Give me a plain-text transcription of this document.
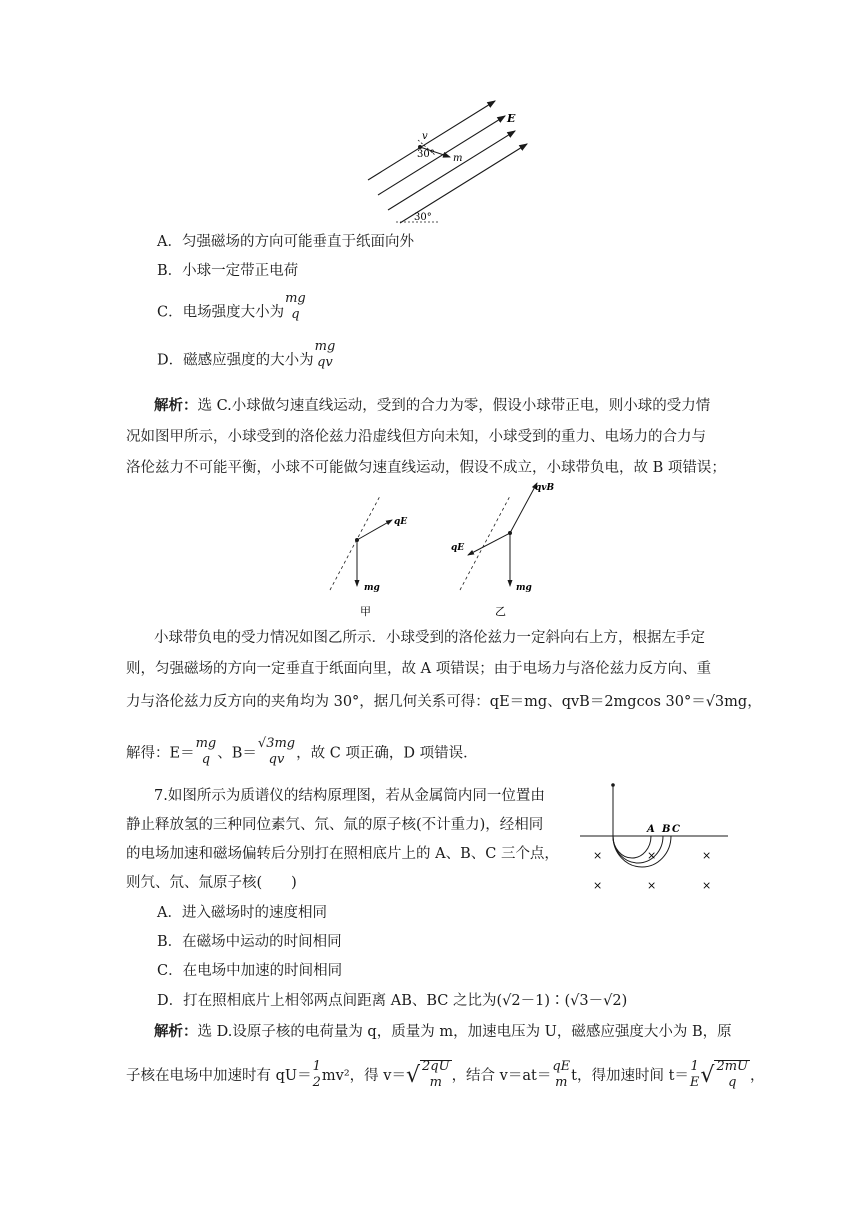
E
v
m
30°
30°
A．匀强磁场的方向可能垂直于纸面向外
B．小球一定带正电荷
C．电场强度大小为
mg
q
D．磁感应强度的大小为
mg
qv
解析：选 C.小球做匀速直线运动，受到的合力为零，假设小球带正电，则小球的受力情
况如图甲所示，小球受到的洛伦兹力沿虚线但方向未知，小球受到的重力、电场力的合力与
洛伦兹力不可能平衡，小球不可能做匀速直线运动，假设不成立，小球带负电，故 B 项错误；
qE
mg
甲
qvB
qE
mg
乙
小球带负电的受力情况如图乙所示．小球受到的洛伦兹力一定斜向右上方，根据左手定
则，匀强磁场的方向一定垂直于纸面向里，故 A 项错误；由于电场力与洛伦兹力反方向、重
力与洛伦兹力反方向的夹角均为 30°，据几何关系可得：qE＝mg、qvB＝2mgcos 30°＝√3mg，
解得：E＝
mg
q 、B＝
√3mg
qv ，故 C 项正确，D 项错误．
7.如图所示为质谱仪的结构原理图，若从金属筒内同一位置由
静止释放氢的三种同位素氕、氘、氚的原子核(不计重力)，经相同
的电场加速和磁场偏转后分别打在照相底片上的 A、B、C 三个点，
则氕、氘、氚原子核(　　)
A．进入磁场时的速度相同
B．在磁场中运动的时间相同
C．在电场中加速的时间相同
D．打在照相底片上相邻两点间距离 AB、BC 之比为(√2－1)∶(√3－√2)
A B C
×	×	×
×	×	×
解析：选 D.设原子核的电荷量为 q，质量为 m，加速电压为 U，磁感应强度大小为 B，原
子核在电场中加速时有 qU＝
1
2 mv²，得 v＝√ 2qU
m ，结合 v＝at＝
qE
m t，得加速时间 t＝
1
E √ 2mU
q ，
